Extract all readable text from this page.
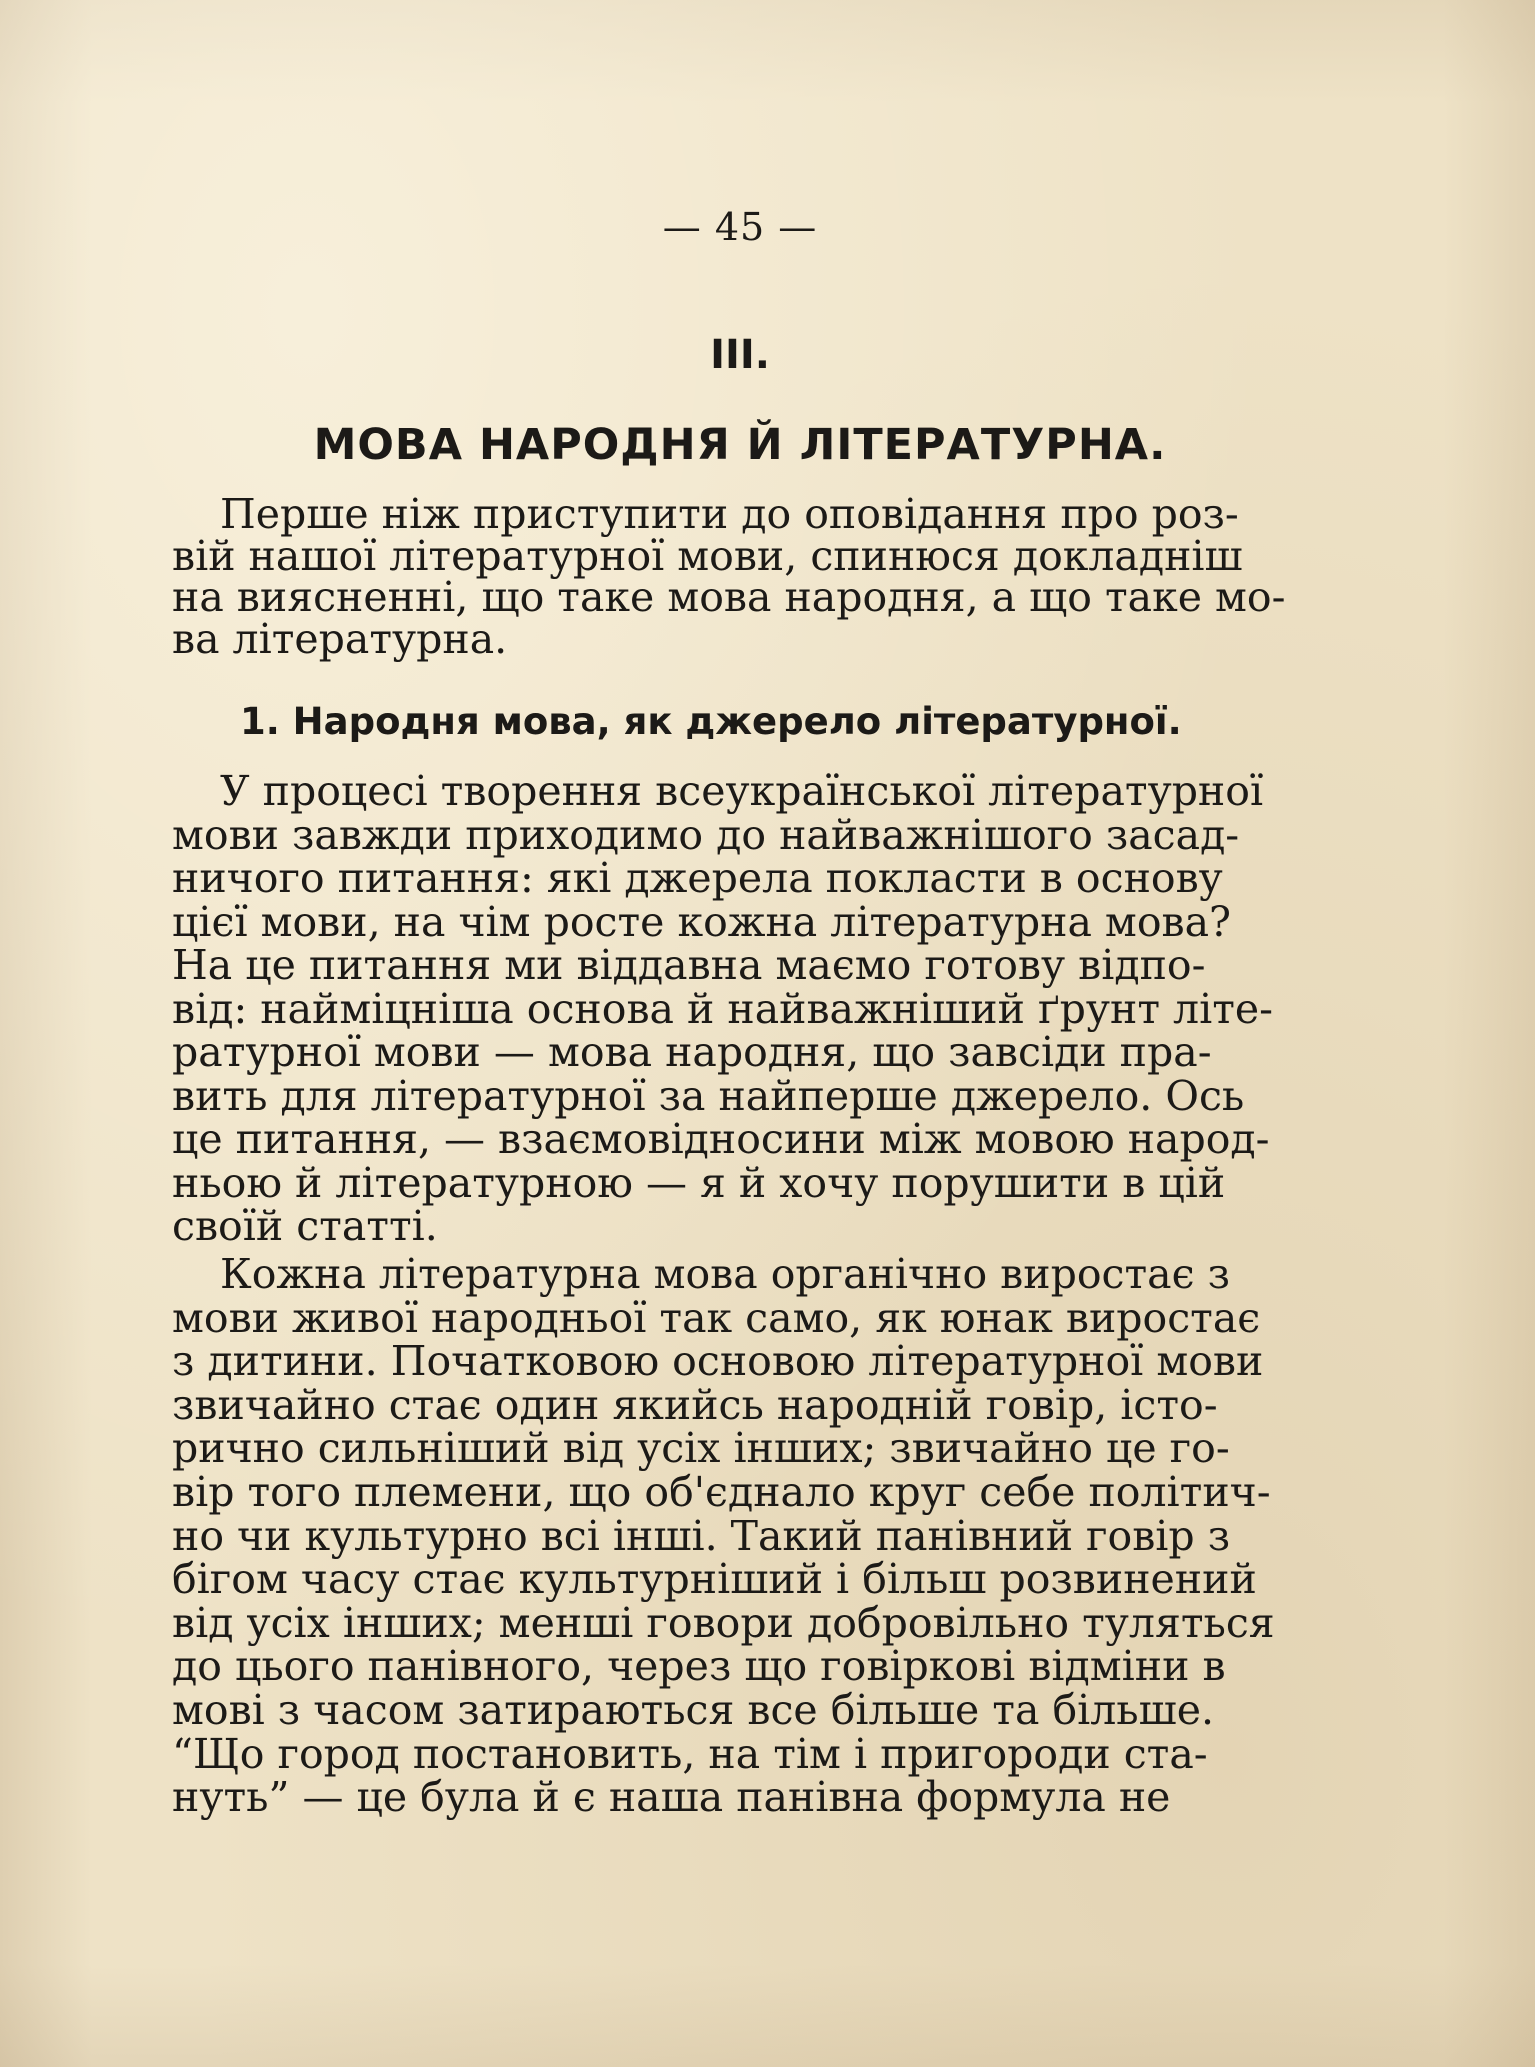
— 45 —
III.
МОВА НАРОДНЯ Й ЛІТЕРАТУРНА.
Перше ніж приступити до оповідання про роз-
вій нашої літературної мови, спинюся докладніш
на виясненні, що таке мова народня, а що таке мо-
ва літературна.
1. Народня мова, як джерело літературної.
У процесі творення всеукраїнської літературної
мови завжди приходимо до найважнішого засад-
ничого питання: які джерела покласти в основу
цієї мови, на чім росте кожна літературна мова?
На це питання ми віддавна маємо готову відпо-
від: найміцніша основа й найважніший ґрунт літе-
ратурної мови — мова народня, що завсіди пра-
вить для літературної за найперше джерело. Ось
це питання, — взаємовідносини між мовою народ-
ньою й літературною — я й хочу порушити в цій
своїй статті.
Кожна літературна мова органічно виростає з
мови живої народньої так само, як юнак виростає
з дитини. Початковою основою літературної мови
звичайно стає один якийсь народній говір, істо-
рично сильніший від усіх інших; звичайно це го-
вір того племени, що об'єднало круг себе політич-
но чи культурно всі інші. Такий панівний говір з
бігом часу стає культурніший і більш розвинений
від усіх інших; менші говори добровільно туляться
до цього панівного, через що говіркові відміни в
мові з часом затираються все більше та більше.
“Що город постановить, на тім і пригороди ста-
нуть” — це була й є наша панівна формула не
